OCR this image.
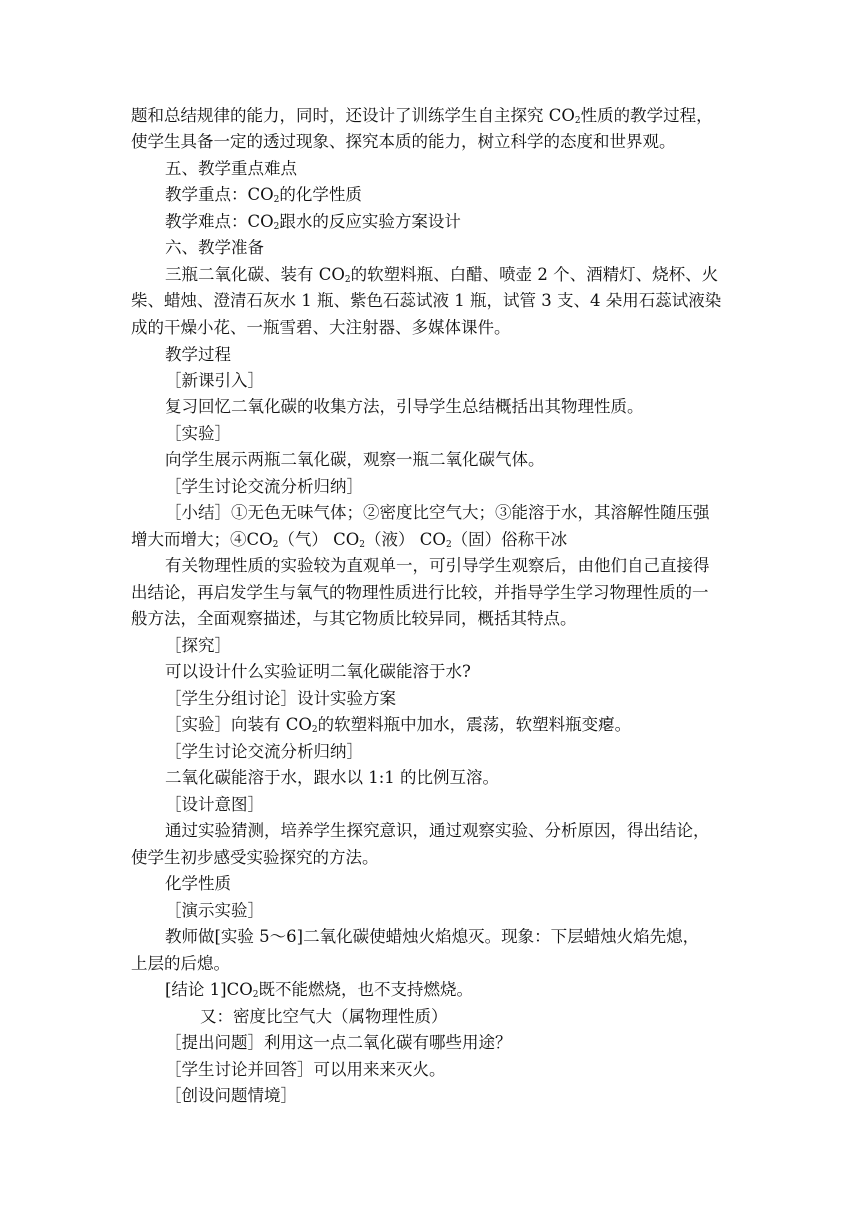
题和总结规律的能力，同时，还设计了训练学生自主探究 $CO_2$性质的教学过程，
使学生具备一定的透过现象、探究本质的能力，树立科学的态度和世界观。
五、教学重点难点
教学重点：$CO_2$的化学性质
教学难点：$CO_2$跟水的反应实验方案设计
六、教学准备
三瓶二氧化碳、装有 $CO_2$的软塑料瓶、白醋、喷壶 2 个、酒精灯、烧杯、火
柴、蜡烛、澄清石灰水 1 瓶、紫色石蕊试液 1 瓶，试管 3 支、4 朵用石蕊试液染
成的干燥小花、一瓶雪碧、大注射器、多媒体课件。
教学过程
［新课引入］
复习回忆二氧化碳的收集方法，引导学生总结概括出其物理性质。
［实验］
向学生展示两瓶二氧化碳，观察一瓶二氧化碳气体。
［学生讨论交流分析归纳］
［小结］①无色无味气体；②密度比空气大；③能溶于水，其溶解性随压强
增大而增大；$④CO_2$（气） $CO_2$（液） $CO_2$（固）俗称干冰
有关物理性质的实验较为直观单一，可引导学生观察后，由他们自己直接得
出结论，再启发学生与氧气的物理性质进行比较，并指导学生学习物理性质的一
般方法，全面观察描述，与其它物质比较异同，概括其特点。
［探究］
可以设计什么实验证明二氧化碳能溶于水?
［学生分组讨论］设计实验方案
［实验］向装有 $CO_2$的软塑料瓶中加水，震荡，软塑料瓶变瘪。
［学生讨论交流分析归纳］
二氧化碳能溶于水，跟水以 1:1 的比例互溶。
［设计意图］
通过实验猜测，培养学生探究意识，通过观察实验、分析原因，得出结论，
使学生初步感受实验探究的方法。
化学性质
［演示实验］
教师做[实验 5～6]二氧化碳使蜡烛火焰熄灭。现象：下层蜡烛火焰先熄，
上层的后熄。
[结论 $1]CO_2$既不能燃烧，也不支持燃烧。
又：密度比空气大（属物理性质）
［提出问题］利用这一点二氧化碳有哪些用途？
［学生讨论并回答］可以用来来灭火。
［创设问题情境］
